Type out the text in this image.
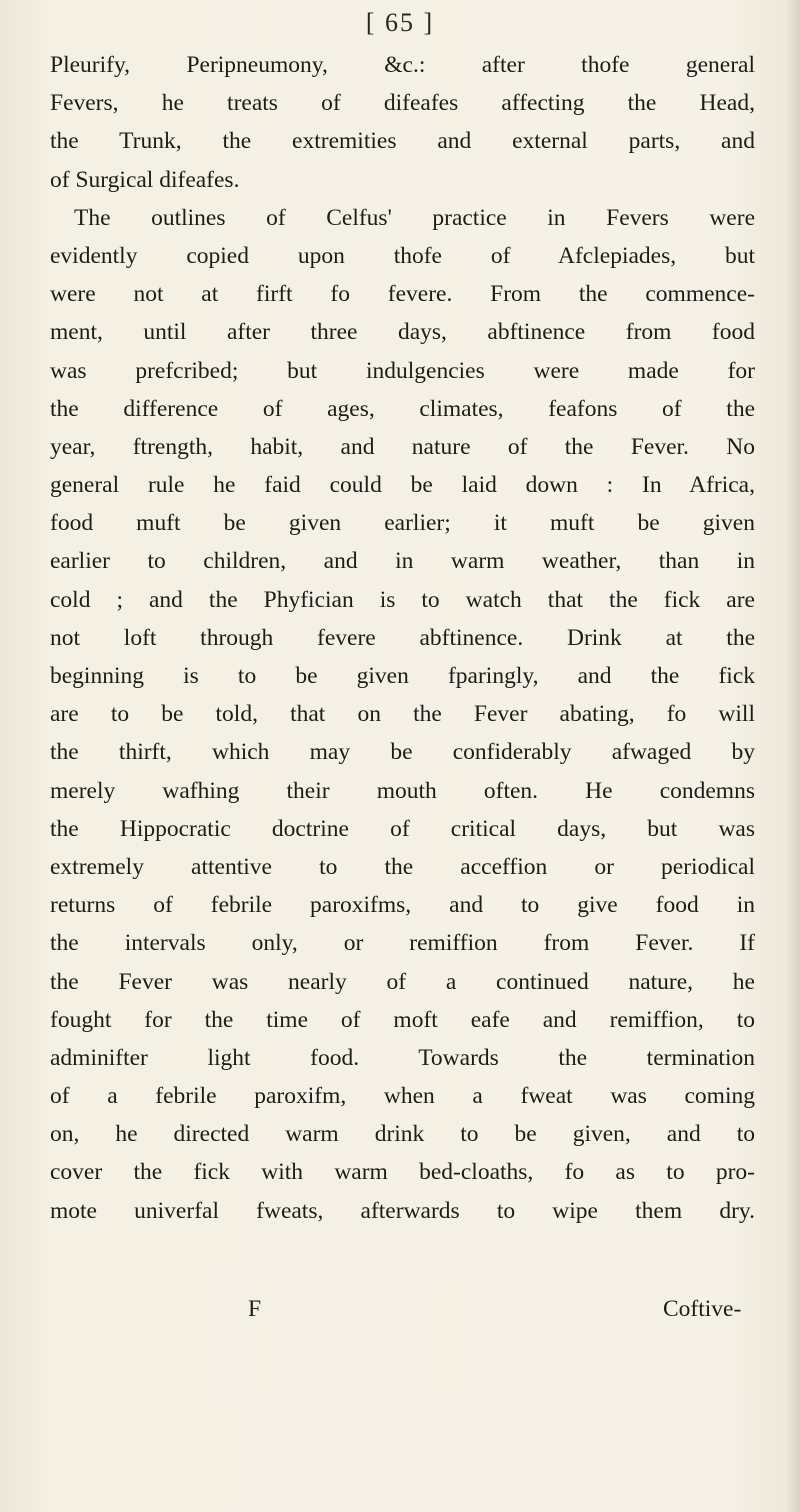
[ 65 ]
Pleurify, Peripneumony, &c.: after thofe general
Fevers, he treats of difeafes affecting the Head,
the Trunk, the extremities and external parts, and
of Surgical difeafes.
The outlines of Celfus' practice in Fevers were
evidently copied upon thofe of Afclepiades, but
were not at firft fo fevere. From the commence-
ment, until after three days, abftinence from food
was prefcribed; but indulgencies were made for
the difference of ages, climates, feafons of the
year, ftrength, habit, and nature of the Fever. No
general rule he faid could be laid down : In Africa,
food muft be given earlier; it muft be given
earlier to children, and in warm weather, than in
cold ; and the Phyfician is to watch that the fick are
not loft through fevere abftinence. Drink at the
beginning is to be given fparingly, and the fick
are to be told, that on the Fever abating, fo will
the thirft, which may be confiderably afwaged by
merely wafhing their mouth often. He condemns
the Hippocratic doctrine of critical days, but was
extremely attentive to the acceffion or periodical
returns of febrile paroxifms, and to give food in
the intervals only, or remiffion from Fever. If
the Fever was nearly of a continued nature, he
fought for the time of moft eafe and remiffion, to
adminifter light food. Towards the termination
of a febrile paroxifm, when a fweat was coming
on, he directed warm drink to be given, and to
cover the fick with warm bed-cloaths, fo as to pro-
mote univerfal fweats, afterwards to wipe them dry.
F	Coftive-
